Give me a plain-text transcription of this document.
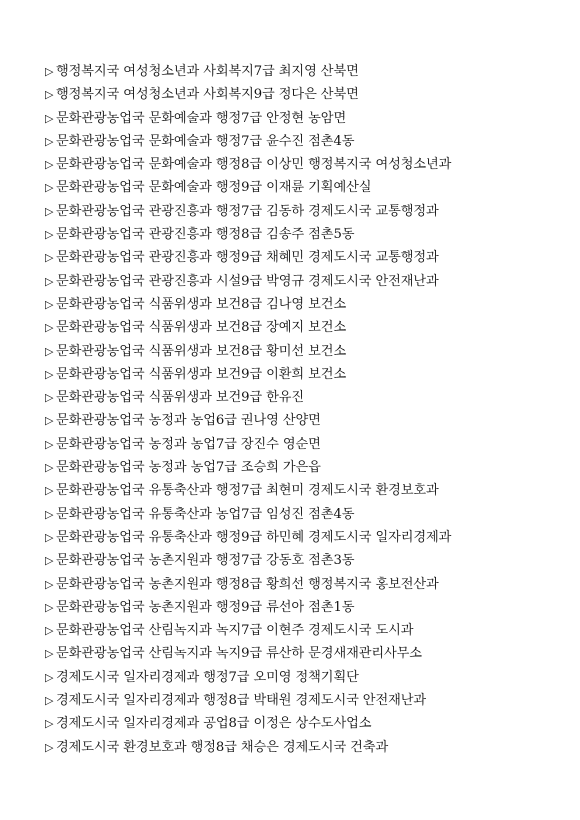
▷ 행정복지국 여성청소년과 사회복지7급 최지영 산북면
▷ 행정복지국 여성청소년과 사회복지9급 정다은 산북면
▷ 문화관광농업국 문화예술과 행정7급 안정현 농암면
▷ 문화관광농업국 문화예술과 행정7급 윤수진 점촌4동
▷ 문화관광농업국 문화예술과 행정8급 이상민 행정복지국 여성청소년과
▷ 문화관광농업국 문화예술과 행정9급 이재륜 기획예산실
▷ 문화관광농업국 관광진흥과 행정7급 김동하 경제도시국 교통행정과
▷ 문화관광농업국 관광진흥과 행정8급 김송주 점촌5동
▷ 문화관광농업국 관광진흥과 행정9급 채혜민 경제도시국 교통행정과
▷ 문화관광농업국 관광진흥과 시설9급 박영규 경제도시국 안전재난과
▷ 문화관광농업국 식품위생과 보건8급 김나영 보건소
▷ 문화관광농업국 식품위생과 보건8급 장예지 보건소
▷ 문화관광농업국 식품위생과 보건8급 황미선 보건소
▷ 문화관광농업국 식품위생과 보건9급 이환희 보건소
▷ 문화관광농업국 식품위생과 보건9급 한유진
▷ 문화관광농업국 농정과 농업6급 권나영 산양면
▷ 문화관광농업국 농정과 농업7급 장진수 영순면
▷ 문화관광농업국 농정과 농업7급 조승희 가은읍
▷ 문화관광농업국 유통축산과 행정7급 최현미 경제도시국 환경보호과
▷ 문화관광농업국 유통축산과 농업7급 임성진 점촌4동
▷ 문화관광농업국 유통축산과 행정9급 하민혜 경제도시국 일자리경제과
▷ 문화관광농업국 농촌지원과 행정7급 강동호 점촌3동
▷ 문화관광농업국 농촌지원과 행정8급 황희선 행정복지국 홍보전산과
▷ 문화관광농업국 농촌지원과 행정9급 류선아 점촌1동
▷ 문화관광농업국 산림녹지과 녹지7급 이현주 경제도시국 도시과
▷ 문화관광농업국 산림녹지과 녹지9급 류산하 문경새재관리사무소
▷ 경제도시국 일자리경제과 행정7급 오미영 정책기획단
▷ 경제도시국 일자리경제과 행정8급 박태원 경제도시국 안전재난과
▷ 경제도시국 일자리경제과 공업8급 이정은 상수도사업소
▷ 경제도시국 환경보호과 행정8급 채승은 경제도시국 건축과
